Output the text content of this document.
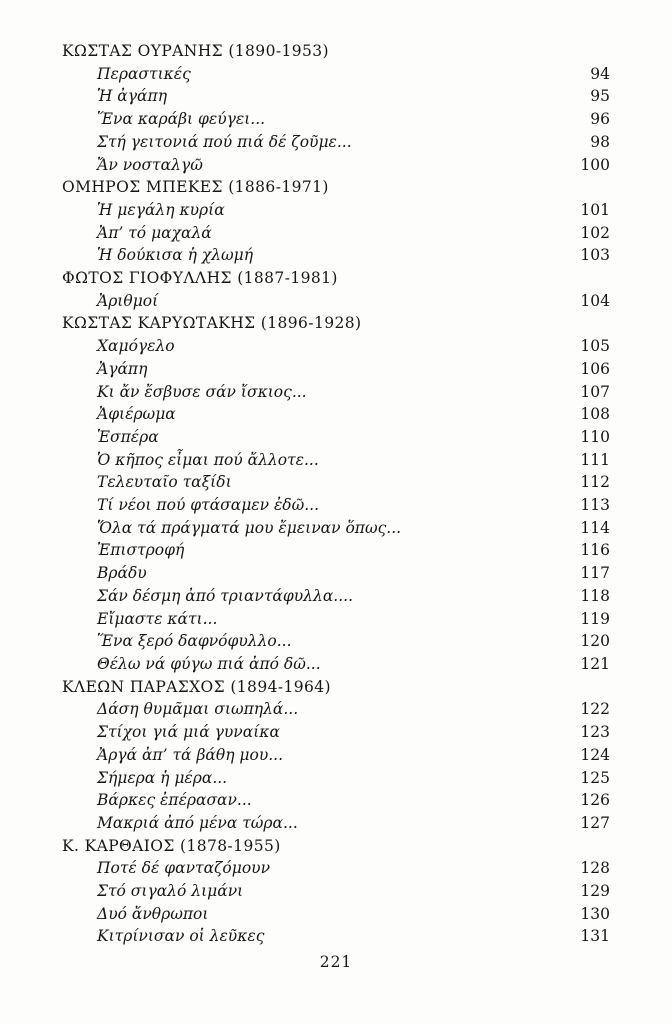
ΚΩΣΤΑΣ ΟΥΡΑΝΗΣ (1890-1953)
Περαστικές	94
Ἡ ἀγάπη	95
Ἕνα καράβι φεύγει...	96
Στή γειτονιά πού πιά δέ ζοῦμε...	98
Ἄν νοσταλγῶ	100
ΟΜΗΡΟΣ ΜΠΕΚΕΣ (1886-1971)
Ἡ μεγάλη κυρία	101
Ἀπ’ τό μαχαλά	102
Ἡ δούκισα ἡ χλωμή	103
ΦΩΤΟΣ ΓΙΟΦΥΛΛΗΣ (1887-1981)
Ἀριθμοί	104
ΚΩΣΤΑΣ ΚΑΡΥΩΤΑΚΗΣ (1896-1928)
Χαμόγελο	105
Ἀγάπη	106
Κι ἄν ἔσβυσε σάν ἴσκιος...	107
Ἀφιέρωμα	108
Ἑσπέρα	110
Ὁ κῆπος εἶμαι πού ἄλλοτε...	111
Τελευταῖο ταξίδι	112
Τί νέοι πού φτάσαμεν ἐδῶ...	113
Ὅλα τά πράγματά μου ἔμειναν ὅπως...	114
Ἐπιστροφή	116
Βράδυ	117
Σάν δέσμη ἀπό τριαντάφυλλα....	118
Εἴμαστε κάτι...	119
Ἕνα ξερό δαφνόφυλλο...	120
Θέλω νά φύγω πιά ἀπό δῶ...	121
ΚΛΕΩΝ ΠΑΡΑΣΧΟΣ (1894-1964)
Δάση θυμᾶμαι σιωπηλά...	122
Στίχοι γιά μιά γυναίκα	123
Ἀργά ἀπ’ τά βάθη μου...	124
Σήμερα ἡ μέρα...	125
Βάρκες ἐπέρασαν...	126
Μακριά ἀπό μένα τώρα...	127
Κ. ΚΑΡΘΑΙΟΣ (1878-1955)
Ποτέ δέ φανταζόμουν	128
Στό σιγαλό λιμάνι	129
Δυό ἄνθρωποι	130
Κιτρίνισαν οἱ λεῦκες	131
221
